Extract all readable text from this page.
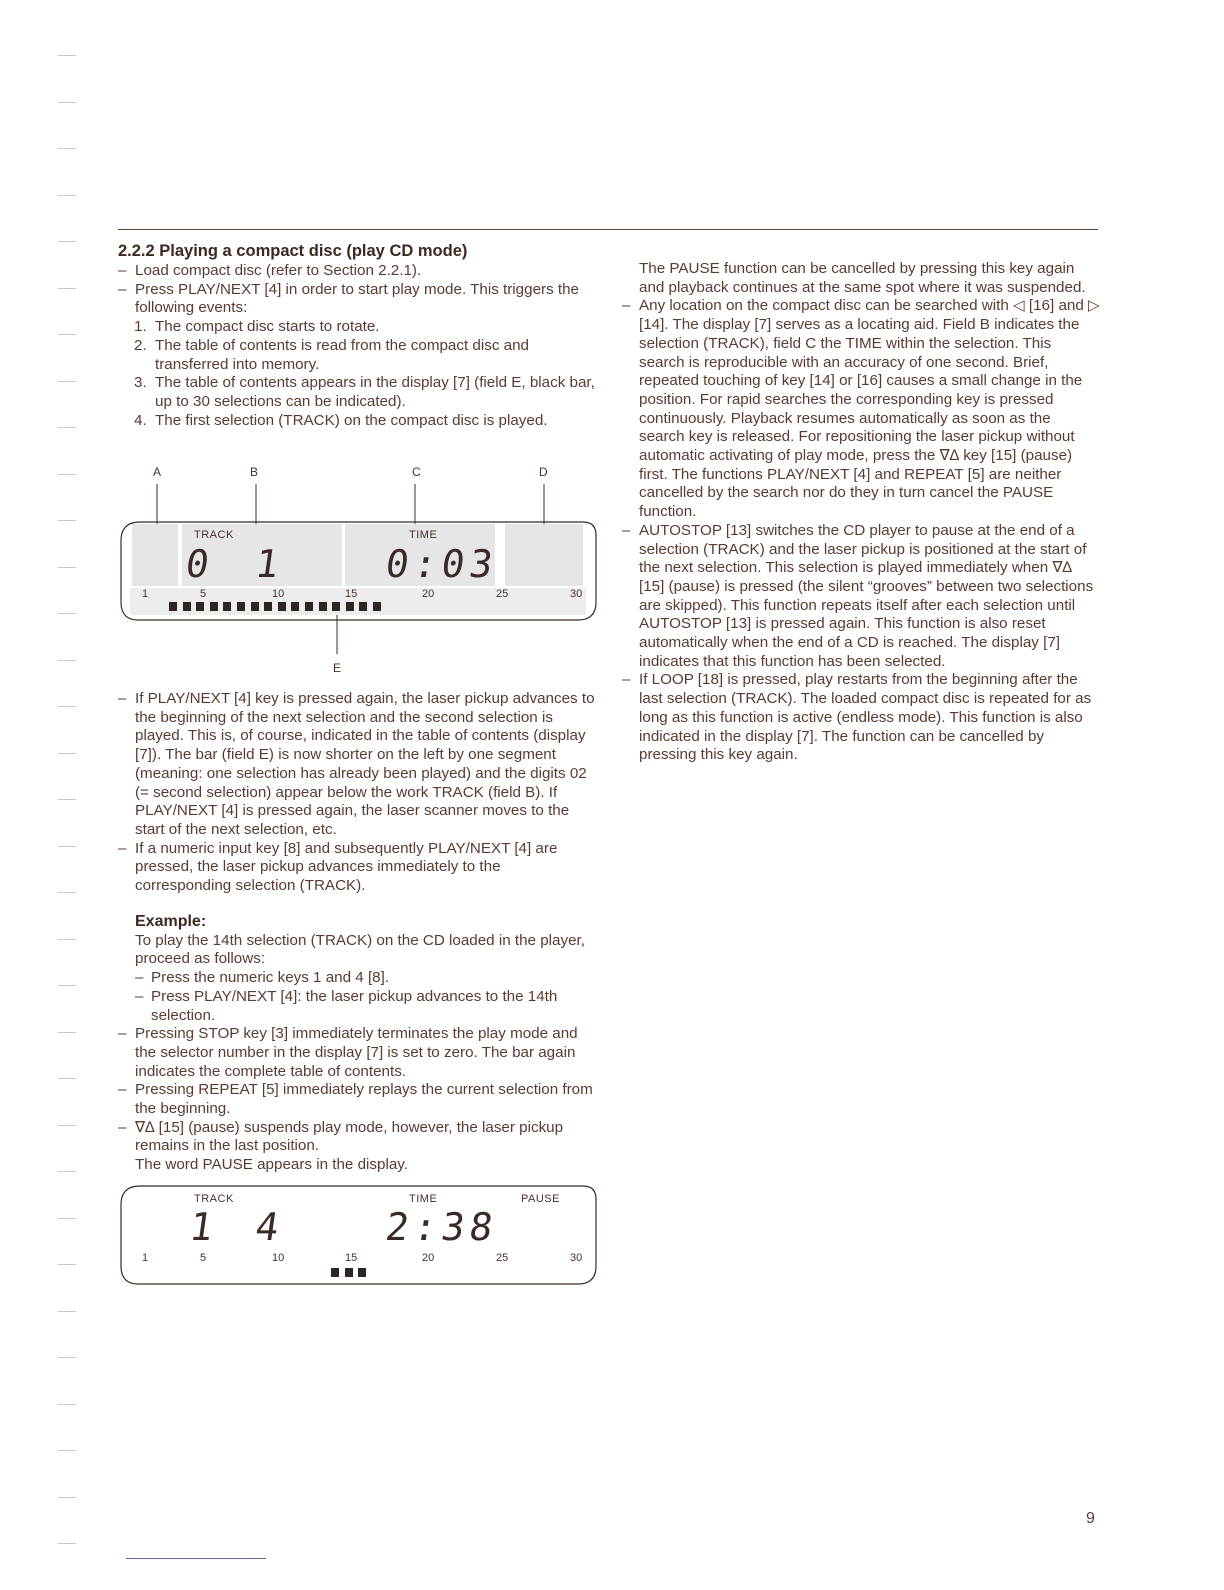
2.2.2 Playing a compact disc (play CD mode)

– Load compact disc (refer to Section 2.2.1).

– Press PLAY/NEXT [4] in order to start play mode. This triggers the following events:

1. The compact disc starts to rotate.

2. The table of contents is read from the compact disc and transferred into memory.

3. The table of contents appears in the display [7] (field E, black bar, up to 30 selections can be indicated).

4. The first selection (TRACK) on the compact disc is played.

A	B	C	D
E
TRACK	TIME
0 1 0:03
1	5	10	15	20	25	30

– If PLAY/NEXT [4] key is pressed again, the laser pickup advances to the beginning of the next selection and the second selection is played. This is, of course, indicated in the table of contents (display [7]). The bar (field E) is now shorter on the left by one segment (meaning: one selection has already been played) and the digits 02 (= second selection) appear below the work TRACK (field B). If PLAY/NEXT [4] is pressed again, the laser scanner moves to the start of the next selection, etc.

– If a numeric input key [8] and subsequently PLAY/NEXT [4] are pressed, the laser pickup advances immediately to the corresponding selection (TRACK).

Example:

To play the 14th selection (TRACK) on the CD loaded in the player, proceed as follows:

– Press the numeric keys 1 and 4 [8].

– Press PLAY/NEXT [4]: the laser pickup advances to the 14th selection.

– Pressing STOP key [3] immediately terminates the play mode and the selector number in the display [7] is set to zero. The bar again indicates the complete table of contents.

– Pressing REPEAT [5] immediately replays the current selection from the beginning.

– ∇∆ [15] (pause) suspends play mode, however, the laser pickup remains in the last position.

The word PAUSE appears in the display.

TRACK	TIME	PAUSE
1 4 2:38
1	5	10	15	20	25	30

The PAUSE function can be cancelled by pressing this key again and playback continues at the same spot where it was suspended.

– Any location on the compact disc can be searched with ◁ [16] and ▷ [14]. The display [7] serves as a locating aid. Field B indicates the selection (TRACK), field C the TIME within the selection. This search is reproducible with an accuracy of one second. Brief, repeated touching of key [14] or [16] causes a small change in the position. For rapid searches the corresponding key is pressed continuously. Playback resumes automatically as soon as the search key is released. For repositioning the laser pickup without automatic activating of play mode, press the ∇∆ key [15] (pause) first. The functions PLAY/NEXT [4] and REPEAT [5] are neither cancelled by the search nor do they in turn cancel the PAUSE function.

– AUTOSTOP [13] switches the CD player to pause at the end of a selection (TRACK) and the laser pickup is positioned at the start of the next selection. This selection is played immediately when ∇∆ [15] (pause) is pressed (the silent “grooves” between two selections are skipped). This function repeats itself after each selection until AUTOSTOP [13] is pressed again. This function is also reset automatically when the end of a CD is reached. The display [7] indicates that this function has been selected.

– If LOOP [18] is pressed, play restarts from the beginning after the last selection (TRACK). The loaded compact disc is repeated for as long as this function is active (endless mode). This function is also indicated in the display [7]. The function can be cancelled by pressing this key again.

9
